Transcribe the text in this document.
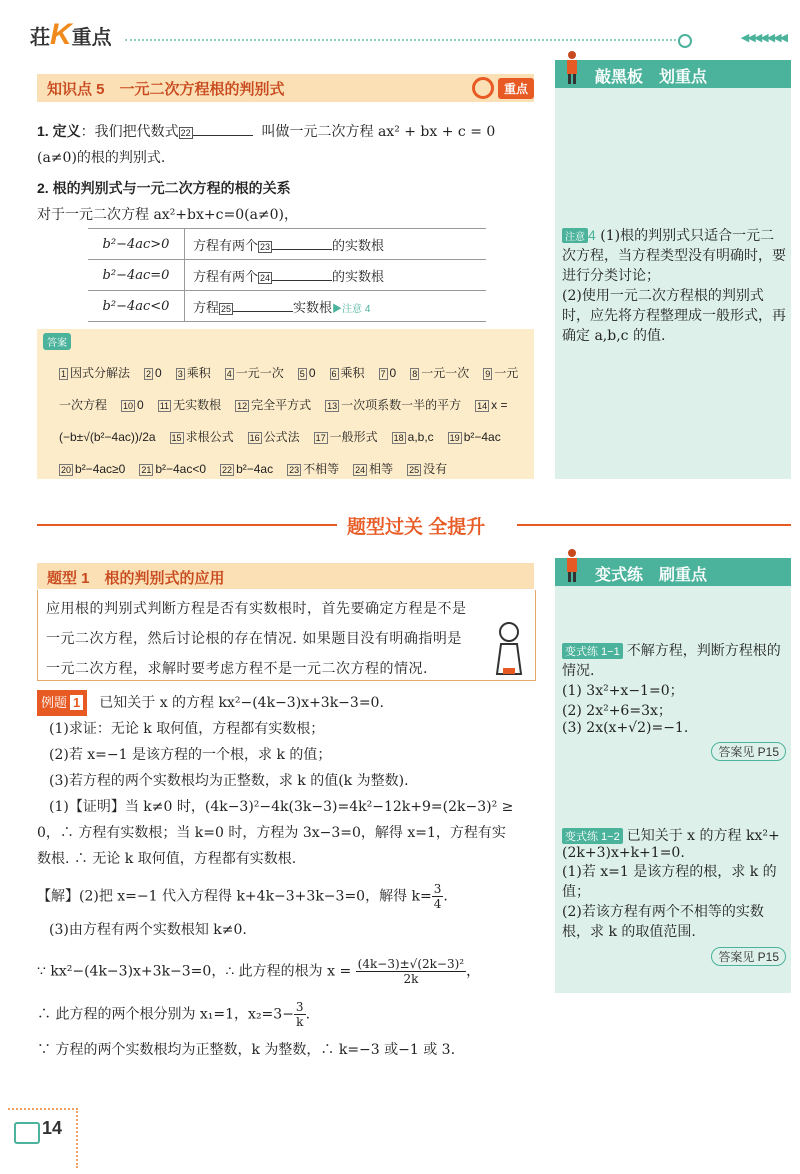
荘K重点	◀◀◀◀◀◀◀
知识点 5　一元二次方程根的判别式	重点

1. 定义：我们把代数式 22	叫做一元二次方程 ax² + bx + c = 0

(a≠0)的根的判别式.

2. 根的判别式与一元二次方程的根的关系

对于一元二次方程 ax²+bx+c=0(a≠0)，

b²−4ac>0	方程有两个 23 的实数根
b²−4ac=0	方程有两个 24 的实数根
b²−4ac<0	方程 25 实数根▶注意 4
答案
1 因式分解法 2 0 3 乘积 4 一元一次 5 0 6 乘积 7 0 8 一元一次 9 一元一次方程 10 0 11 无实数根 12 完全平方式 13 一次项系数一半的平方 14 x = (−b±√(b²−4ac))/2a 15 求根公式 16 公式法 17 一般形式 18 a,b,c 19 b²−4ac20 b²−4ac≥0 21 b²−4ac<0 22 b²−4ac 23 不相等 24 相等 25 没有
敲黑板　划重点

注意 4 (1)根的判别式只适合一元二次方程，当方程类型没有明确时，要进行分类讨论；

(2)使用一元二次方程根的判别式时，应先将方程整理成一般形式，再确定 a,b,c 的值.

题型过关 全提升
题型 1　根的判别式的应用

应用根的判别式判断方程是否有实数根时，首先要确定方程是不是一元二次方程，然后讨论根的存在情况. 如果题目没有明确指明是一元二次方程，求解时要考虑方程不是一元二次方程的情况.

例题 1 已知关于 x 的方程 kx²−(4k−3)x+3k−3=0.

(1)求证：无论 k 取何值，方程都有实数根；

(2)若 x=−1 是该方程的一个根，求 k 的值；

(3)若方程的两个实数根均为正整数，求 k 的值(k 为整数).

(1)【证明】当 k≠0 时，(4k−3)²−4k(3k−3)=4k²−12k+9=(2k−3)² ≥

0，∴ 方程有实数根；当 k=0 时，方程为 3x−3=0，解得 x=1，方程有实

数根. ∴ 无论 k 取何值，方程都有实数根.

【解】(2)把 x=−1 代入方程得 k+4k−3+3k−3=0，解得 $k= \frac{3}{4}$ .

(3)由方程有两个实数根知 k≠0.

∵ kx²−(4k−3)x+3k−3=0，∴ 此方程的根为 $x = \frac{\text{(4k−3)±√(2k−3)²}}{2k}$ ，

∴ 此方程的两个根分别为 x₁=1，$x_2=3- \frac{3}{k}$ .

∵ 方程的两个实数根均为正整数，k 为整数，∴ k=−3 或−1 或 3.

变式练　刷重点

变式练 1−1 不解方程，判断方程根的情况.

(1) 3x²+x−1=0；

(2) 2x²+6=3x；

(3) 2x(x+√2)=−1.

答案见 P15

变式练 1−2 已知关于 x 的方程 kx²+(2k+3)x+k+1=0.

(1)若 x=1 是该方程的根，求 k 的值；

(2)若该方程有两个不相等的实数根，求 k 的取值范围.

答案见 P15

14
